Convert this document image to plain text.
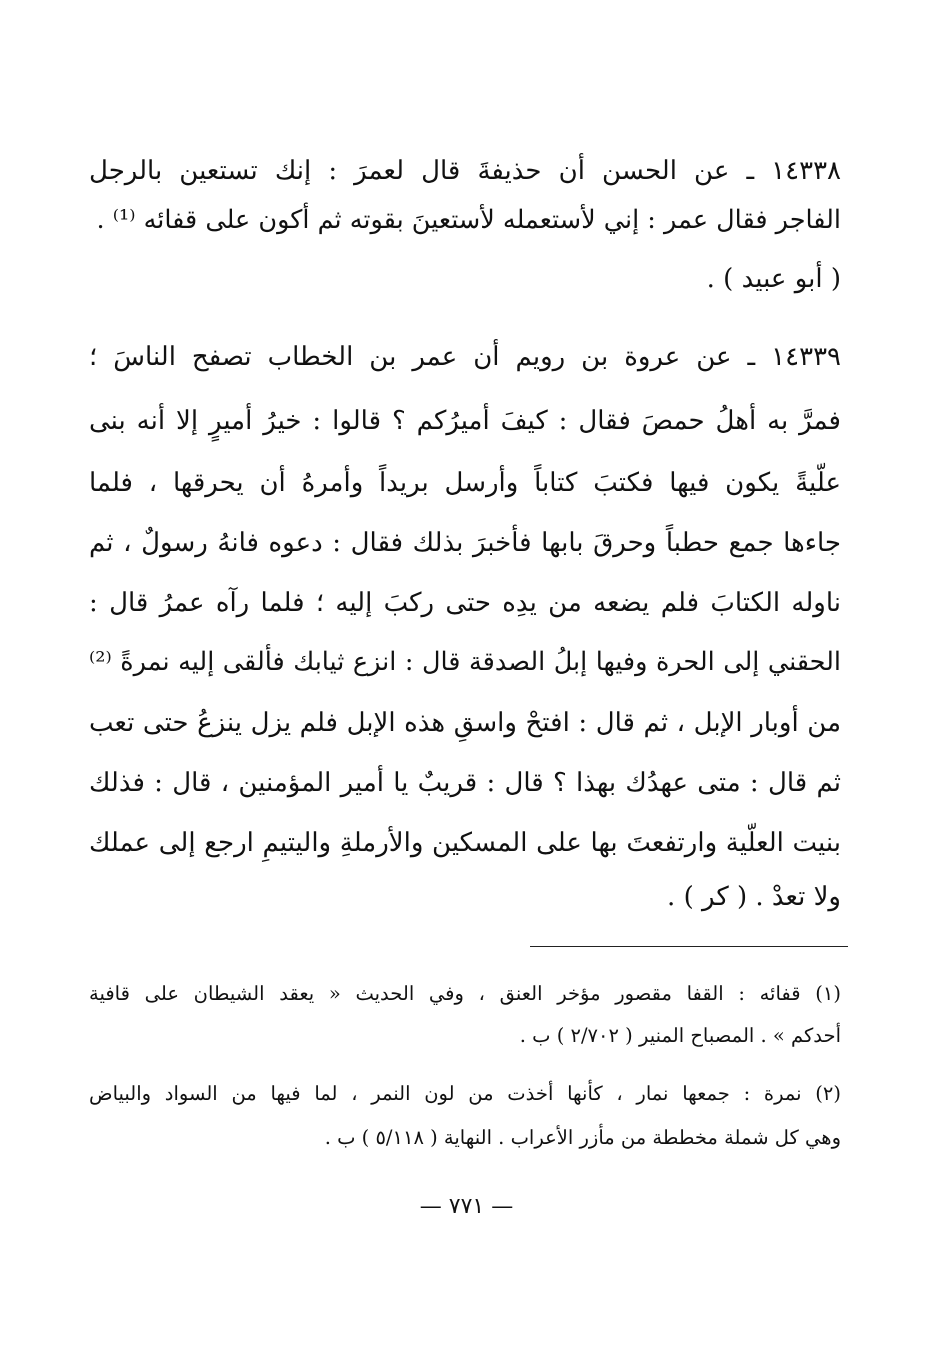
١٤٣٣٨ ـ عن الحسن أن حذيفةَ قال لعمرَ : إنك تستعين بالرجل
الفاجر فقال عمر : إني لأستعمله لأستعينَ بقوته ثم أكون على قفائه ⁽¹⁾ .
( أبو عبيد ) .
١٤٣٣٩ ـ عن عروة بن رويم أن عمر بن الخطاب تصفح الناسَ ؛
فمرَّ به أهلُ حمصَ فقال : كيفَ أميرُكم ؟ قالوا : خيرُ أميرٍ إلا أنه بنى
علّيةً يكون فيها فكتبَ كتاباً وأرسل بريداً وأمرهُ أن يحرقها ، فلما
جاءها جمع حطباً وحرقَ بابها فأخبرَ بذلك فقال : دعوه فانهُ رسولٌ ، ثم
ناوله الكتابَ فلم يضعه من يدِه حتى ركبَ إليه ؛ فلما رآه عمرُ قال :
الحقني إلى الحرة وفيها إبلُ الصدقة قال : انزع ثيابك فألقى إليه نمرةً ⁽²⁾
من أوبار الإبل ، ثم قال : افتحْ واسقِ هذه الإبل فلم يزل ينزعُ حتى تعب
ثم قال : متى عهدُك بهذا ؟ قال : قريبٌ يا أمير المؤمنين ، قال : فذلك
بنيت العلّية وارتفعتَ بها على المسكين والأرملةِ واليتيمِ ارجع إلى عملك
ولا تعدْ . ( كر ) .
(١) قفائه : القفا مقصور مؤخر العنق ، وفي الحديث « يعقد الشيطان على قافية
أحدكم » . المصباح المنير ( ٢/٧٠٢ ) ب .
(٢) نمرة : جمعها نمار ، كأنها أخذت من لون النمر ، لما فيها من السواد والبياض
وهي كل شملة مخططة من مأزر الأعراب . النهاية ( ٥/١١٨ ) ب .
— ٧٧١ —
